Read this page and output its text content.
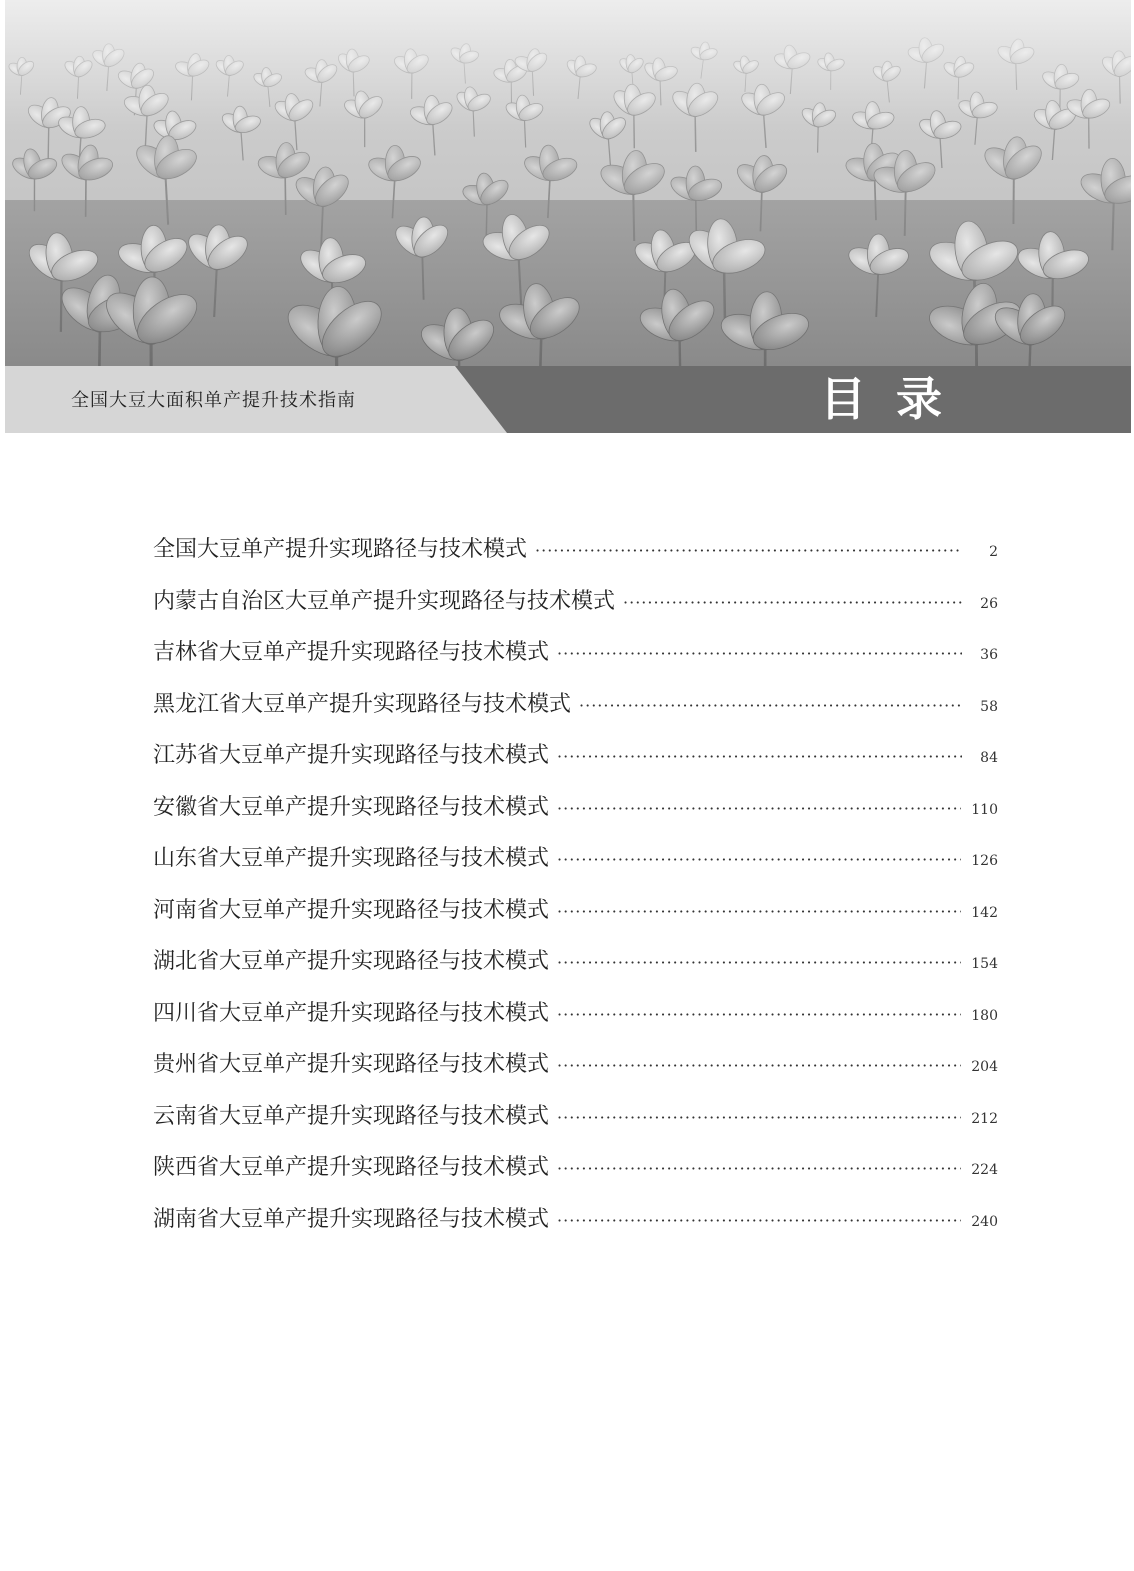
全国大豆大面积单产提升技术指南	目录
全国大豆单产提升实现路径与技术模式 ·····	2
内蒙古自治区大豆单产提升实现路径与技术模式 ·····	26
吉林省大豆单产提升实现路径与技术模式 ·····	36
黑龙江省大豆单产提升实现路径与技术模式 ·····	58
江苏省大豆单产提升实现路径与技术模式 ·····	84
安徽省大豆单产提升实现路径与技术模式 ·····	110
山东省大豆单产提升实现路径与技术模式 ·····	126
河南省大豆单产提升实现路径与技术模式 ·····	142
湖北省大豆单产提升实现路径与技术模式 ·····	154
四川省大豆单产提升实现路径与技术模式 ·····	180
贵州省大豆单产提升实现路径与技术模式 ·····	204
云南省大豆单产提升实现路径与技术模式 ·····	212
陕西省大豆单产提升实现路径与技术模式 ·····	224
湖南省大豆单产提升实现路径与技术模式 ·····	240
